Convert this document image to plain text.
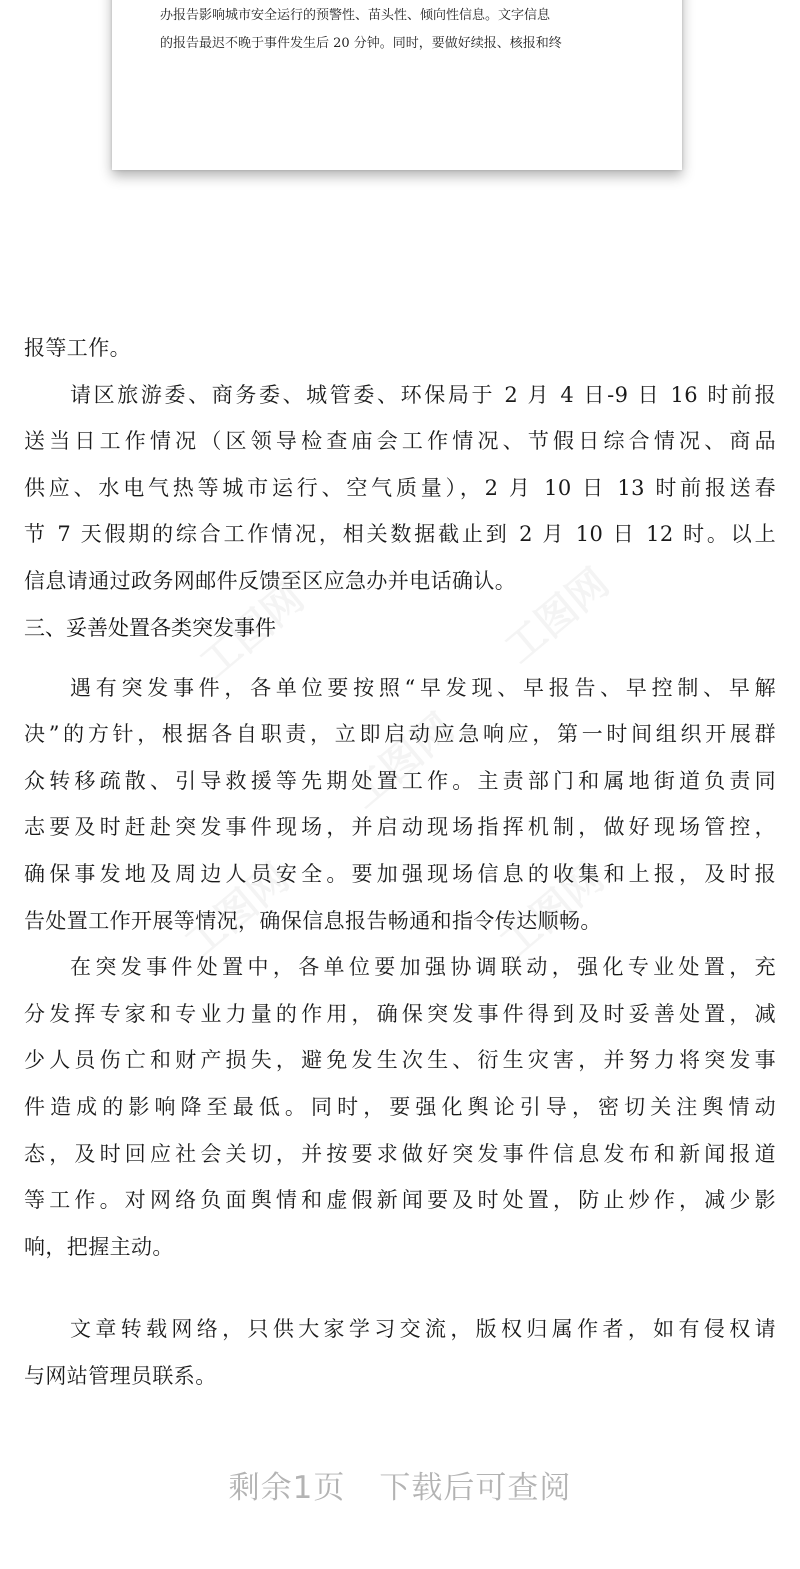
办报告影响城市安全运行的预警性、苗头性、倾向性信息。文字信息
的报告最迟不晚于事件发生后 20 分钟。同时，要做好续报、核报和终
报等工作。
请区旅游委、商务委、城管委、环保局于 2 月 4 日-9 日 16 时前报
送当日工作情况（区领导检查庙会工作情况、节假日综合情况、商品
供应、水电气热等城市运行、空气质量），2 月 10 日 13 时前报送春
节 7 天假期的综合工作情况，相关数据截止到 2 月 10 日 12 时。以上
信息请通过政务网邮件反馈至区应急办并电话确认。
三、妥善处置各类突发事件
遇有突发事件，各单位要按照“早发现、早报告、早控制、早解
决”的方针，根据各自职责，立即启动应急响应，第一时间组织开展群
众转移疏散、引导救援等先期处置工作。主责部门和属地街道负责同
志要及时赶赴突发事件现场，并启动现场指挥机制，做好现场管控，
确保事发地及周边人员安全。要加强现场信息的收集和上报，及时报
告处置工作开展等情况，确保信息报告畅通和指令传达顺畅。
在突发事件处置中，各单位要加强协调联动，强化专业处置，充
分发挥专家和专业力量的作用，确保突发事件得到及时妥善处置，减
少人员伤亡和财产损失，避免发生次生、衍生灾害，并努力将突发事
件造成的影响降至最低。同时，要强化舆论引导，密切关注舆情动
态，及时回应社会关切，并按要求做好突发事件信息发布和新闻报道
等工作。对网络负面舆情和虚假新闻要及时处置，防止炒作，减少影
响，把握主动。
文章转载网络，只供大家学习交流，版权归属作者，如有侵权请
与网站管理员联系。
剩余1页 下载后可查阅
